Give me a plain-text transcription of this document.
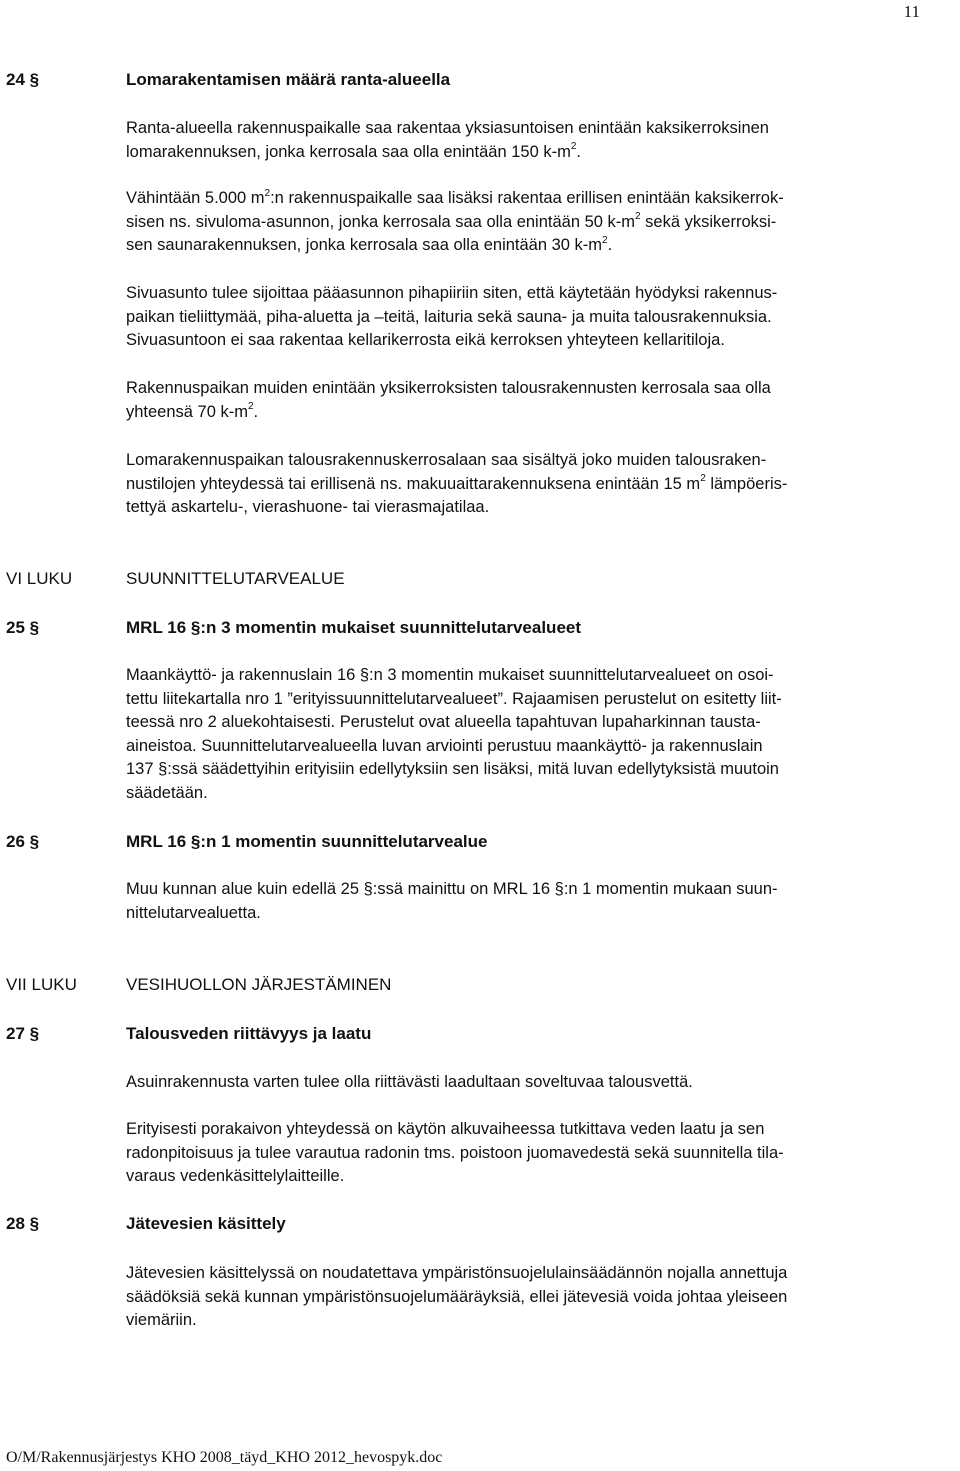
11
24 §	Lomarakentamisen määrä ranta-alueella
Ranta-alueella rakennuspaikalle saa rakentaa yksiasuntoisen enintään kaksikerroksinen
lomarakennuksen, jonka kerrosala saa olla enintään 150 $k-m^2$.
Vähintään 5.000 $m^2:n$ rakennuspaikalle saa lisäksi rakentaa erillisen enintään kaksikerrok-
sisen ns. sivuloma-asunnon, jonka kerrosala saa olla enintään 50 $k-m^2$ sekä yksikerroksi-
sen saunarakennuksen, jonka kerrosala saa olla enintään 30 $k-m^2$.
Sivuasunto tulee sijoittaa pääasunnon pihapiiriin siten, että käytetään hyödyksi rakennus-
paikan tieliittymää, piha-aluetta ja –teitä, laituria sekä sauna- ja muita talousrakennuksia.
Sivuasuntoon ei saa rakentaa kellarikerrosta eikä kerroksen yhteyteen kellaritiloja.
Rakennuspaikan muiden enintään yksikerroksisten talousrakennusten kerrosala saa olla
yhteensä 70 $k-m^2$.
Lomarakennuspaikan talousrakennuskerrosalaan saa sisältyä joko muiden talousraken-
nustilojen yhteydessä tai erillisenä ns. makuuaittarakennuksena enintään 15 $m^2$ lämpöeris-
tettyä askartelu-, vierashuone- tai vierasmajatilaa.
VI LUKU	SUUNNITTELUTARVEALUE
25 §	MRL 16 §:n 3 momentin mukaiset suunnittelutarvealueet
Maankäyttö- ja rakennuslain 16 §:n 3 momentin mukaiset suunnittelutarvealueet on osoi-
tettu liitekartalla nro 1 ”erityissuunnittelutarvealueet”. Rajaamisen perustelut on esitetty liit-
teessä nro 2 aluekohtaisesti. Perustelut ovat alueella tapahtuvan lupaharkinnan tausta-
aineistoa. Suunnittelutarvealueella luvan arviointi perustuu maankäyttö- ja rakennuslain
137 §:ssä säädettyihin erityisiin edellytyksiin sen lisäksi, mitä luvan edellytyksistä muutoin
säädetään.
26 §	MRL 16 §:n 1 momentin suunnittelutarvealue
Muu kunnan alue kuin edellä 25 §:ssä mainittu on MRL 16 §:n 1 momentin mukaan suun-
nittelutarvealuetta.
VII LUKU	VESIHUOLLON JÄRJESTÄMINEN
27 §	Talousveden riittävyys ja laatu
Asuinrakennusta varten tulee olla riittävästi laadultaan soveltuvaa talousvettä.
Erityisesti porakaivon yhteydessä on käytön alkuvaiheessa tutkittava veden laatu ja sen
radonpitoisuus ja tulee varautua radonin tms. poistoon juomavedestä sekä suunnitella tila-
varaus vedenkäsittelylaitteille.
28 §	Jätevesien käsittely
Jätevesien käsittelyssä on noudatettava ympäristönsuojelulainsäädännön nojalla annettuja
säädöksiä sekä kunnan ympäristönsuojelumääräyksiä, ellei jätevesiä voida johtaa yleiseen
viemäriin.
O/M/Rakennusjärjestys KHO 2008_täyd_KHO 2012_hevospyk.doc
